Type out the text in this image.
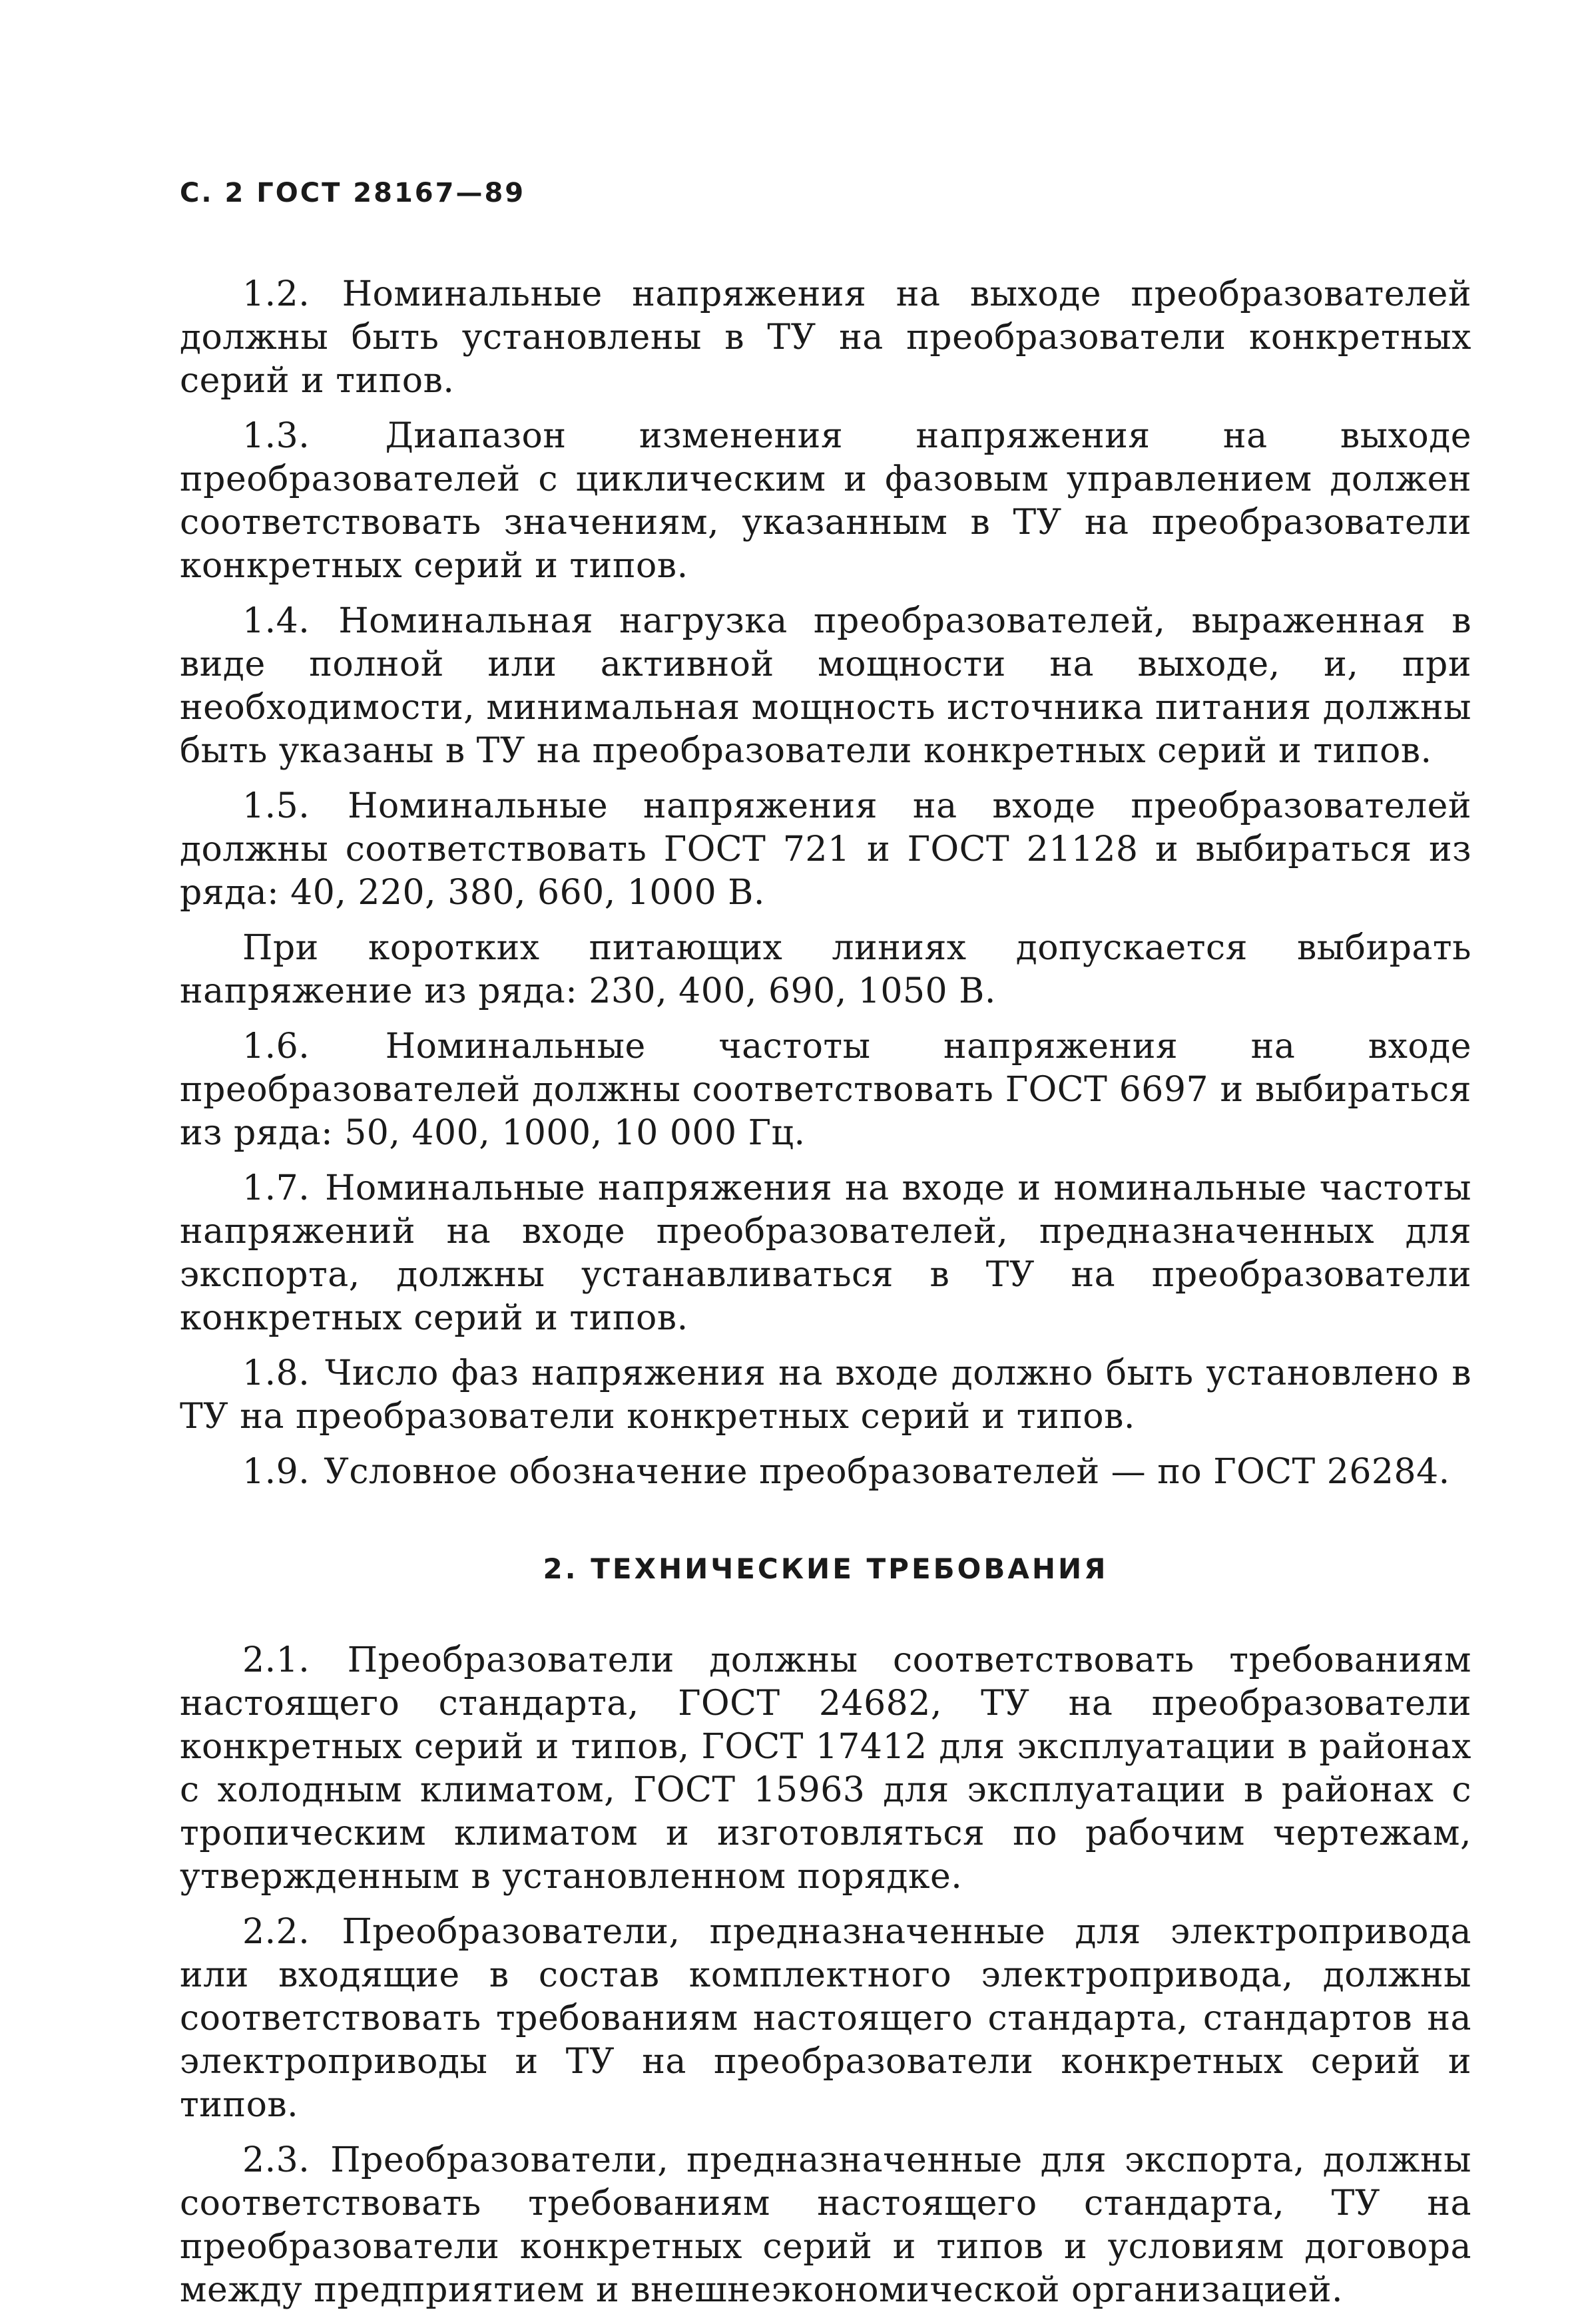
С. 2 ГОСТ 28167—89

1.2. Номинальные напряжения на выходе преобразователей должны быть установлены в ТУ на преобразователи конкретных серий и типов.

1.3. Диапазон изменения напряжения на выходе преобразователей с циклическим и фазовым управлением должен соответствовать значениям, указанным в ТУ на преобразователи конкретных серий и типов.

1.4. Номинальная нагрузка преобразователей, выраженная в виде полной или активной мощности на выходе, и, при необходимости, минимальная мощность источника питания должны быть указаны в ТУ на преобразователи конкретных серий и типов.

1.5. Номинальные напряжения на входе преобразователей должны соответствовать ГОСТ 721 и ГОСТ 21128 и выбираться из ряда: 40, 220, 380, 660, 1000 В.

При коротких питающих линиях допускается выбирать напряжение из ряда: 230, 400, 690, 1050 В.

1.6. Номинальные частоты напряжения на входе преобразователей должны соответствовать ГОСТ 6697 и выбираться из ряда: 50, 400, 1000, 10 000 Гц.

1.7. Номинальные напряжения на входе и номинальные частоты напряжений на входе преобразователей, предназначенных для экспорта, должны устанавливаться в ТУ на преобразователи конкретных серий и типов.

1.8. Число фаз напряжения на входе должно быть установлено в ТУ на преобразователи конкретных серий и типов.

1.9. Условное обозначение преобразователей — по ГОСТ 26284.

2. ТЕХНИЧЕСКИЕ ТРЕБОВАНИЯ

2.1. Преобразователи должны соответствовать требованиям настоящего стандарта, ГОСТ 24682, ТУ на преобразователи конкретных серий и типов, ГОСТ 17412 для эксплуатации в районах с холодным климатом, ГОСТ 15963 для эксплуатации в районах с тропическим климатом и изготовляться по рабочим чертежам, утвержденным в установленном порядке.

2.2. Преобразователи, предназначенные для электропривода или входящие в состав комплектного электропривода, должны соответствовать требованиям настоящего стандарта, стандартов на электроприводы и ТУ на преобразователи конкретных серий и типов.

2.3. Преобразователи, предназначенные для экспорта, должны соответствовать требованиям настоящего стандарта, ТУ на преобразователи конкретных серий и типов и условиям договора между предприятием и внешнеэкономической организацией.
